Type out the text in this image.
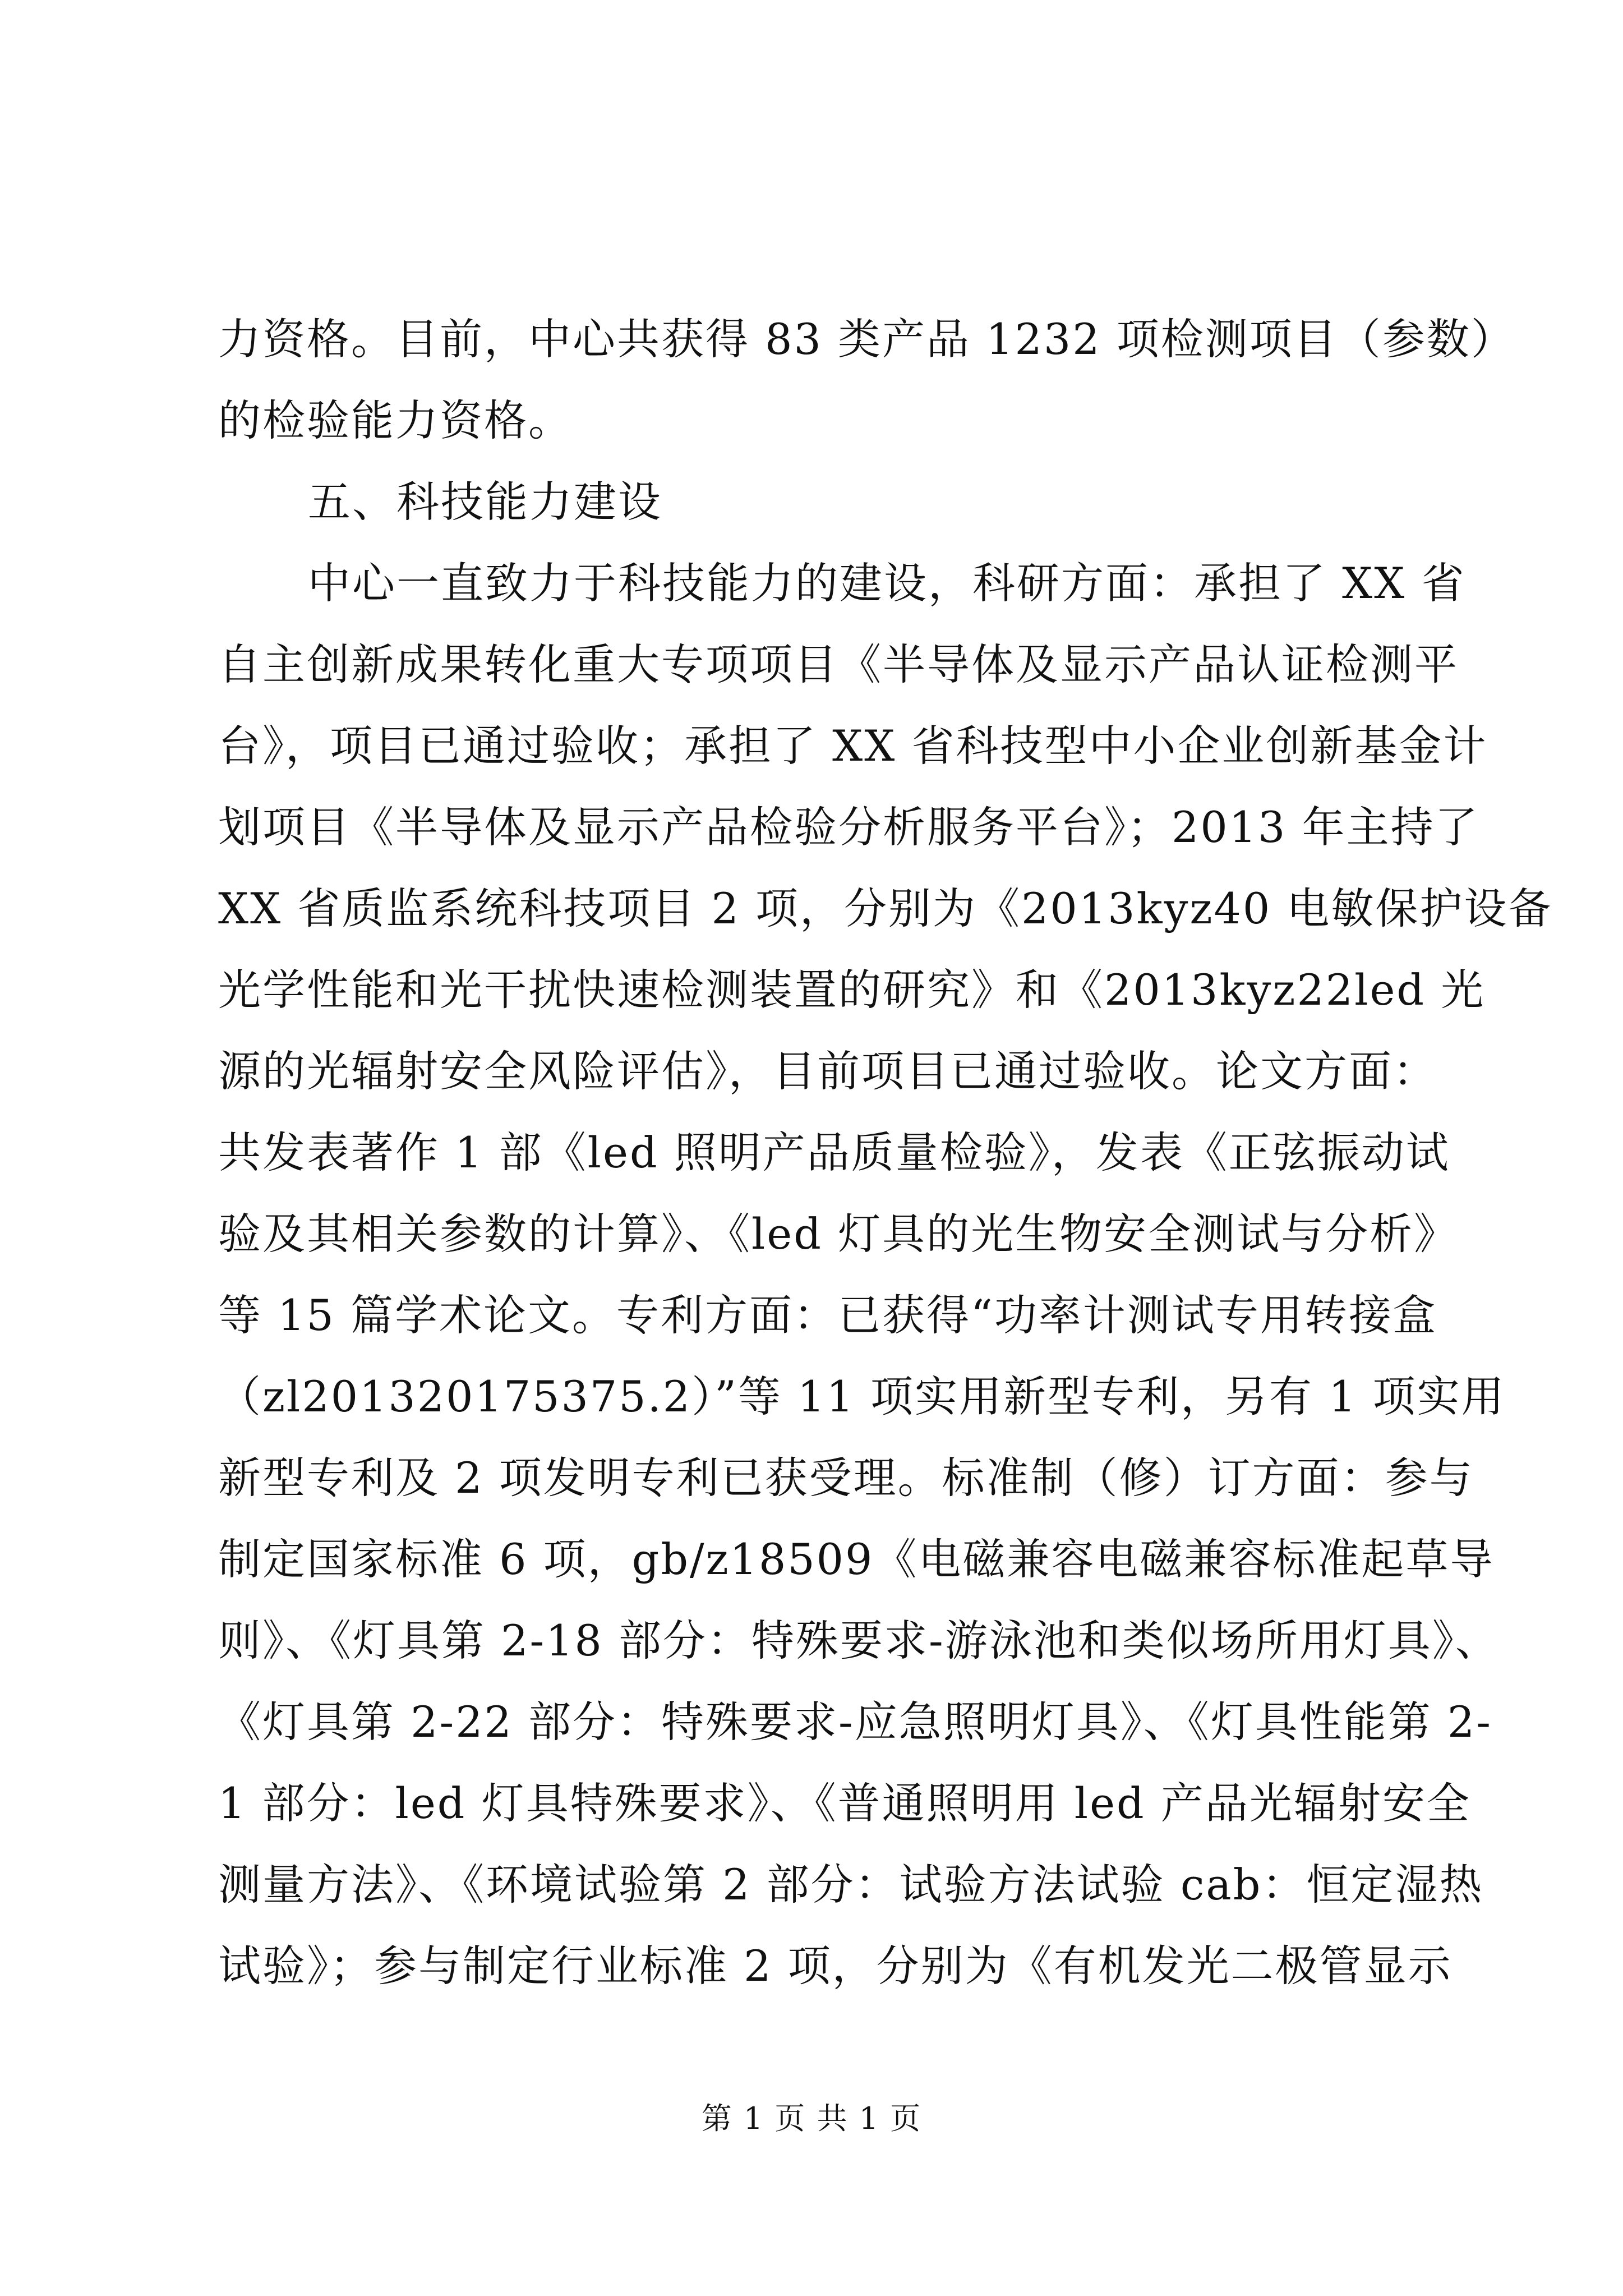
力资格。目前，中心共获得 83 类产品 1232 项检测项目（参数）
的检验能力资格。
五、科技能力建设
中心一直致力于科技能力的建设，科研方面：承担了 XX 省
自主创新成果转化重大专项项目《半导体及显示产品认证检测平
台》，项目已通过验收；承担了 XX 省科技型中小企业创新基金计
划项目《半导体及显示产品检验分析服务平台》；2013 年主持了
XX 省质监系统科技项目 2 项，分别为《2013kyz40 电敏保护设备
光学性能和光干扰快速检测装置的研究》和《2013kyz22led 光
源的光辐射安全风险评估》，目前项目已通过验收。论文方面：
共发表著作 1 部《led 照明产品质量检验》，发表《正弦振动试
验及其相关参数的计算》、《led 灯具的光生物安全测试与分析》
等 15 篇学术论文。专利方面：已获得“功率计测试专用转接盒
（zl201320175375.2）”等 11 项实用新型专利，另有 1 项实用
新型专利及 2 项发明专利已获受理。标准制（修）订方面：参与
制定国家标准 6 项，gb/z18509《电磁兼容电磁兼容标准起草导
则》、《灯具第 2-18 部分：特殊要求-游泳池和类似场所用灯具》、
《灯具第 2-22 部分：特殊要求-应急照明灯具》、《灯具性能第 2-
1 部分：led 灯具特殊要求》、《普通照明用 led 产品光辐射安全
测量方法》、《环境试验第 2 部分：试验方法试验 cab：恒定湿热
试验》；参与制定行业标准 2 项，分别为《有机发光二极管显示
第 1 页 共 1 页
